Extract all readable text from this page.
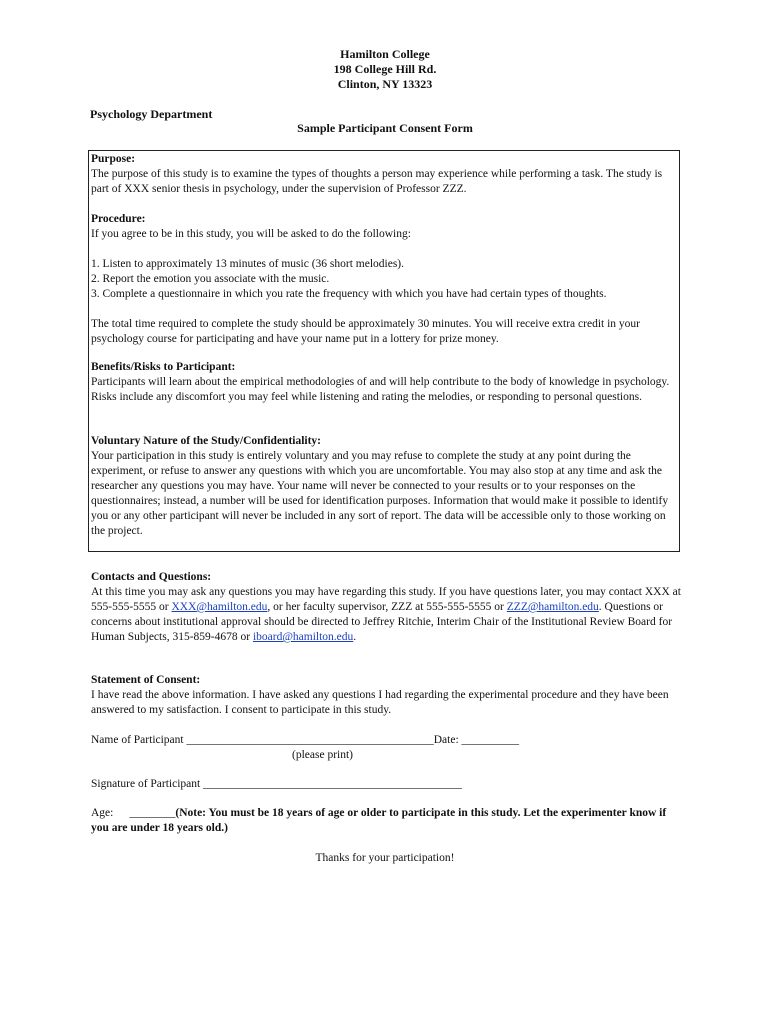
Hamilton College
198 College Hill Rd.
Clinton, NY 13323
Psychology Department
Sample Participant Consent Form

Purpose:

The purpose of this study is to examine the types of thoughts a person may experience while performing a task. The study is part of XXX senior thesis in psychology, under the supervision of Professor ZZZ.

Procedure:

If you agree to be in this study, you will be asked to do the following:

1. Listen to approximately 13 minutes of music (36 short melodies).

2. Report the emotion you associate with the music.

3. Complete a questionnaire in which you rate the frequency with which you have had certain types of thoughts.

The total time required to complete the study should be approximately 30 minutes. You will receive extra credit in your psychology course for participating and have your name put in a lottery for prize money.

Benefits/Risks to Participant:

Participants will learn about the empirical methodologies of and will help contribute to the body of knowledge in psychology. Risks include any discomfort you may feel while listening and rating the melodies, or responding to personal questions.

Voluntary Nature of the Study/Confidentiality:

Your participation in this study is entirely voluntary and you may refuse to complete the study at any point during the experiment, or refuse to answer any questions with which you are uncomfortable. You may also stop at any time and ask the researcher any questions you may have. Your name will never be connected to your results or to your responses on the questionnaires; instead, a number will be used for identification purposes. Information that would make it possible to identify you or any other participant will never be included in any sort of report. The data will be accessible only to those working on the project.

Contacts and Questions:

At this time you may ask any questions you may have regarding this study. If you have questions later, you may contact XXX at 555-555-5555 or XXX@hamilton.edu, or her faculty supervisor, ZZZ at 555-555-5555 or ZZZ@hamilton.edu. Questions or concerns about institutional approval should be directed to Jeffrey Ritchie, Interim Chair of the Institutional Review Board for Human Subjects, 315-859-4678 or iboard@hamilton.edu.

Statement of Consent:

I have read the above information. I have asked any questions I had regarding the experimental procedure and they have been answered to my satisfaction. I consent to participate in this study.

Name of Participant ___________________________________________Date: __________
(please print)
Signature of Participant _____________________________________________
Age: ________(Note: You must be 18 years of age or older to participate in this study. Let the experimenter know if you are under 18 years old.)
Thanks for your participation!
